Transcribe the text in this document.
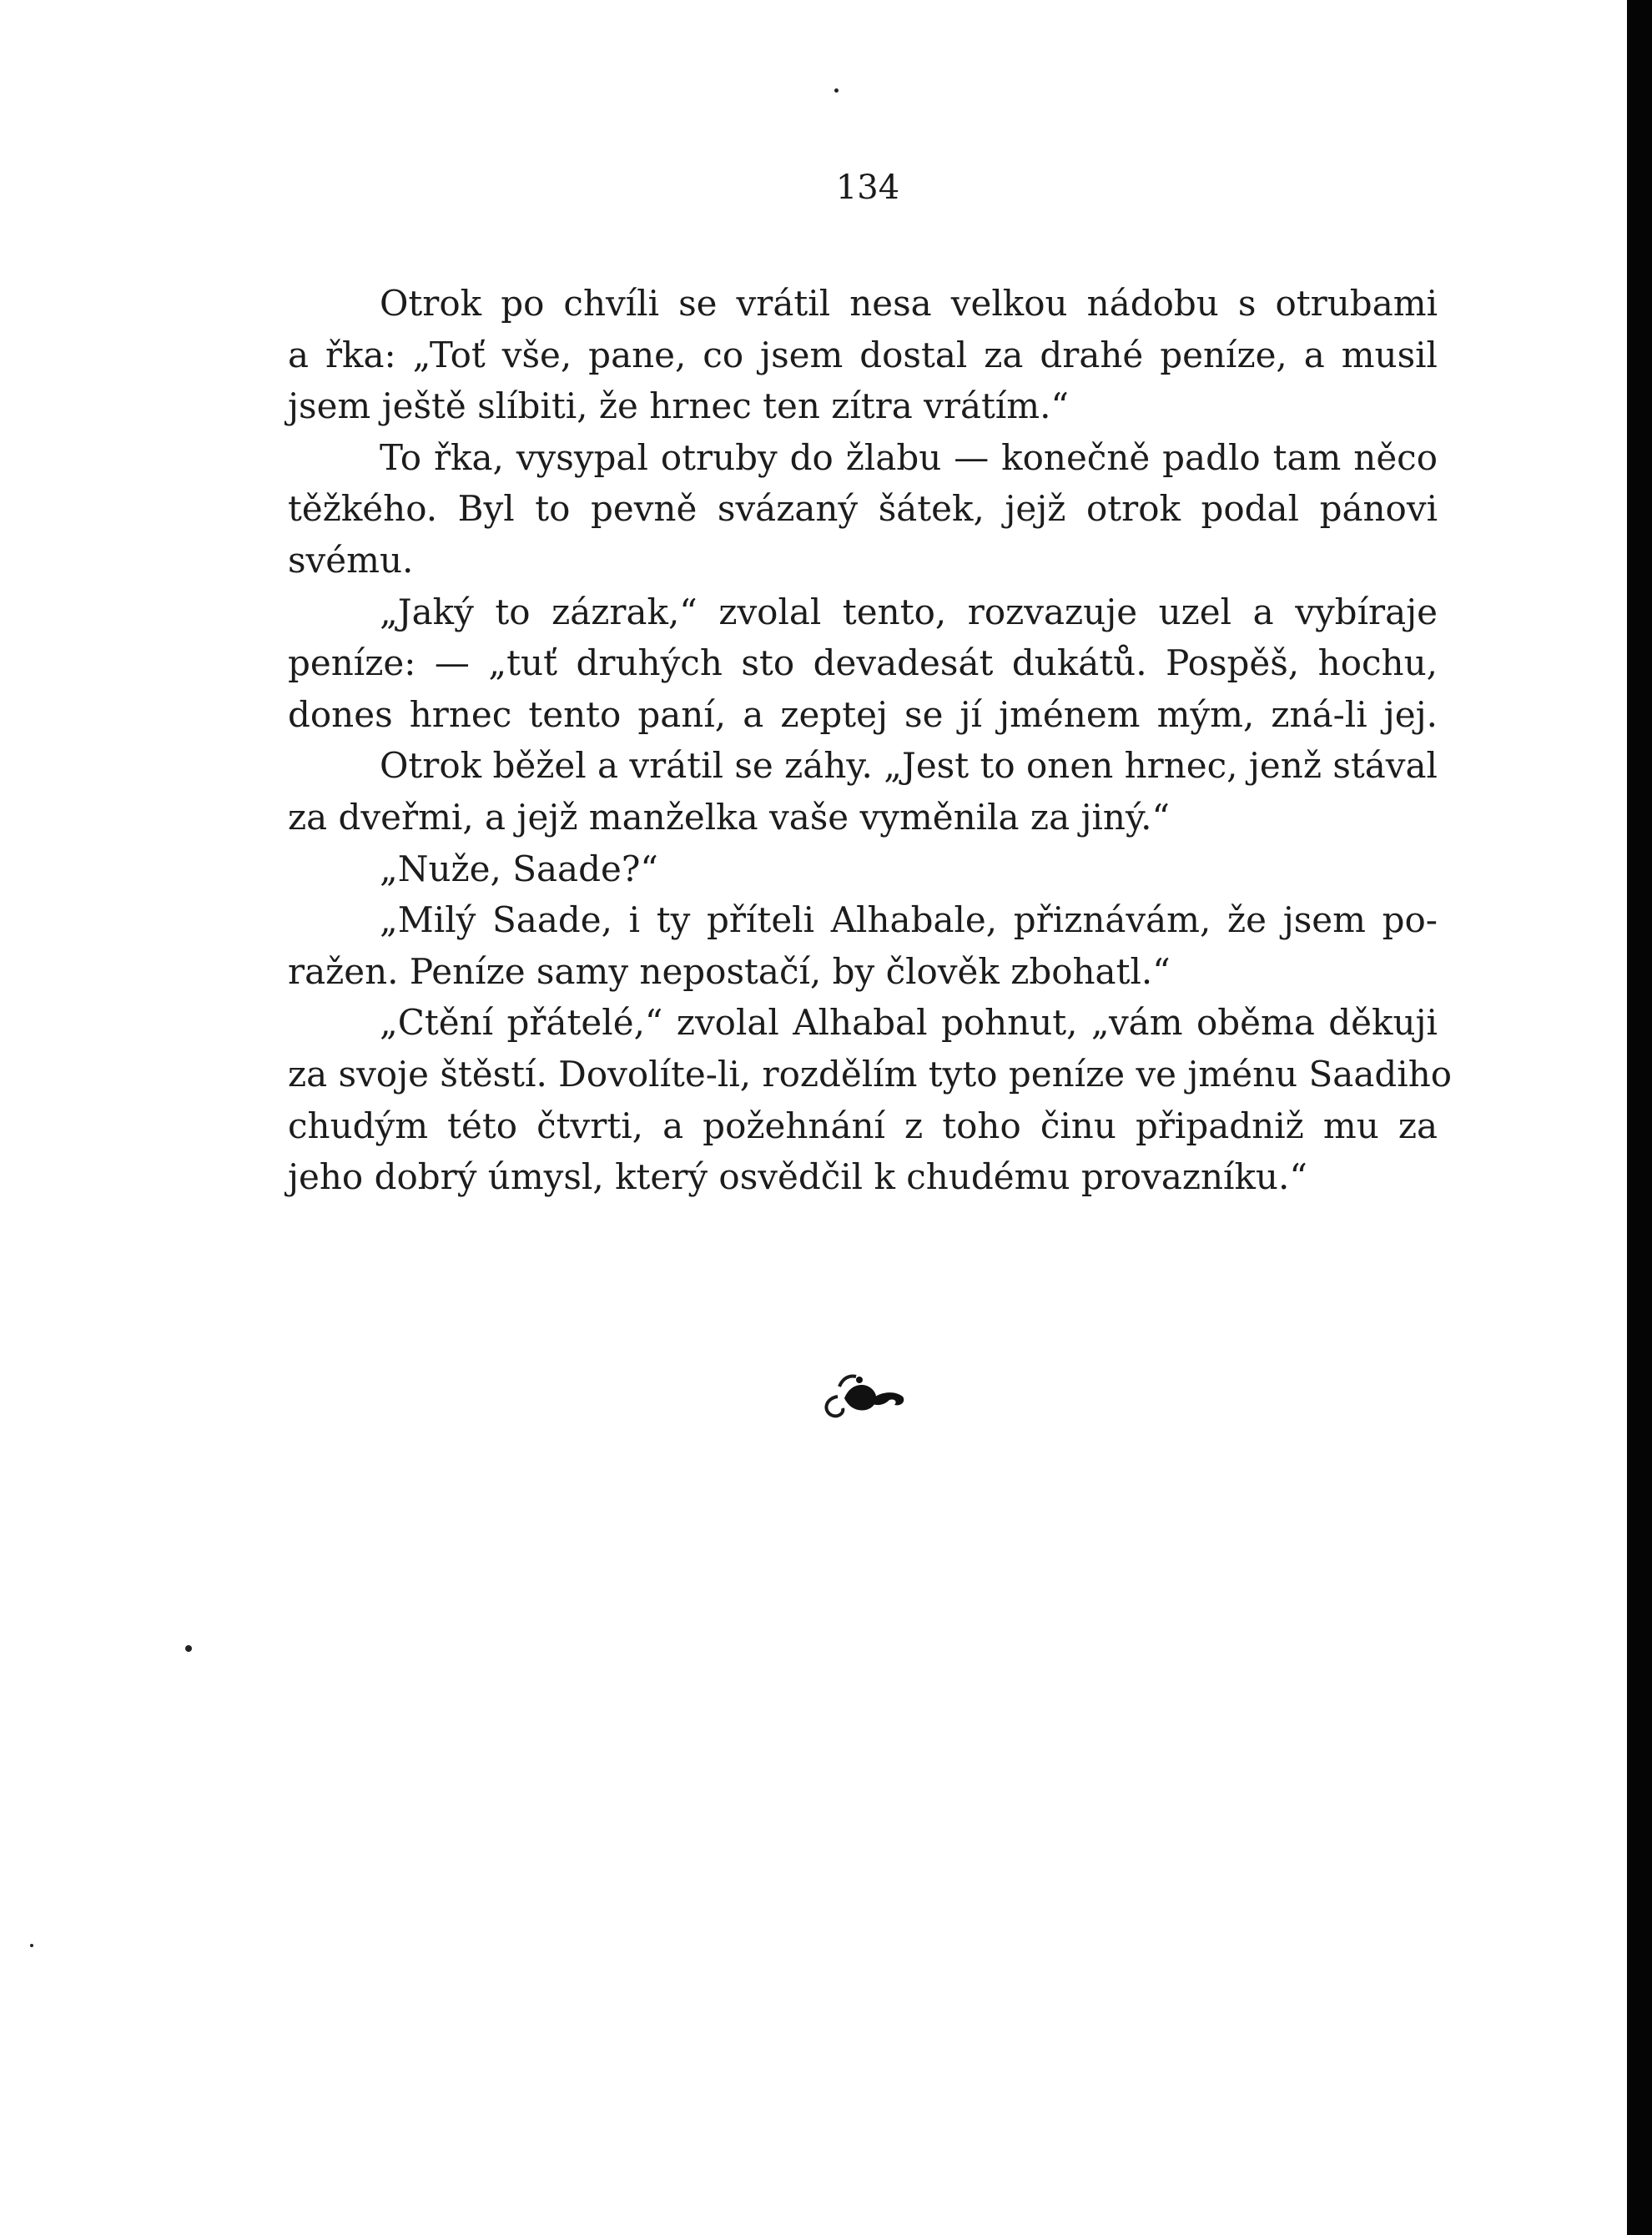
134
Otrok po chvíli se vrátil nesa velkou nádobu s otrubami
a řka: „Toť vše, pane, co jsem dostal za drahé peníze, a musil
jsem ještě slíbiti, že hrnec ten zítra vrátím.“
To řka, vysypal otruby do žlabu — konečně padlo tam něco
těžkého. Byl to pevně svázaný šátek, jejž otrok podal pánovi
svému.
„Jaký to zázrak,“ zvolal tento, rozvazuje uzel a vybíraje
peníze: — „tuť druhých sto devadesát dukátů. Pospěš, hochu,
dones hrnec tento paní, a zeptej se jí jménem mým, zná-li jej.
Otrok běžel a vrátil se záhy. „Jest to onen hrnec, jenž stával
za dveřmi, a jejž manželka vaše vyměnila za jiný.“
„Nuže, Saade?“
„Milý Saade, i ty příteli Alhabale, přiznávám, že jsem po-
ražen. Peníze samy nepostačí, by člověk zbohatl.“
„Ctění přátelé,“ zvolal Alhabal pohnut, „vám oběma děkuji
za svoje štěstí. Dovolíte-li, rozdělím tyto peníze ve jménu Saadiho
chudým této čtvrti, a požehnání z toho činu připadniž mu za
jeho dobrý úmysl, který osvědčil k chudému provazníku.“
